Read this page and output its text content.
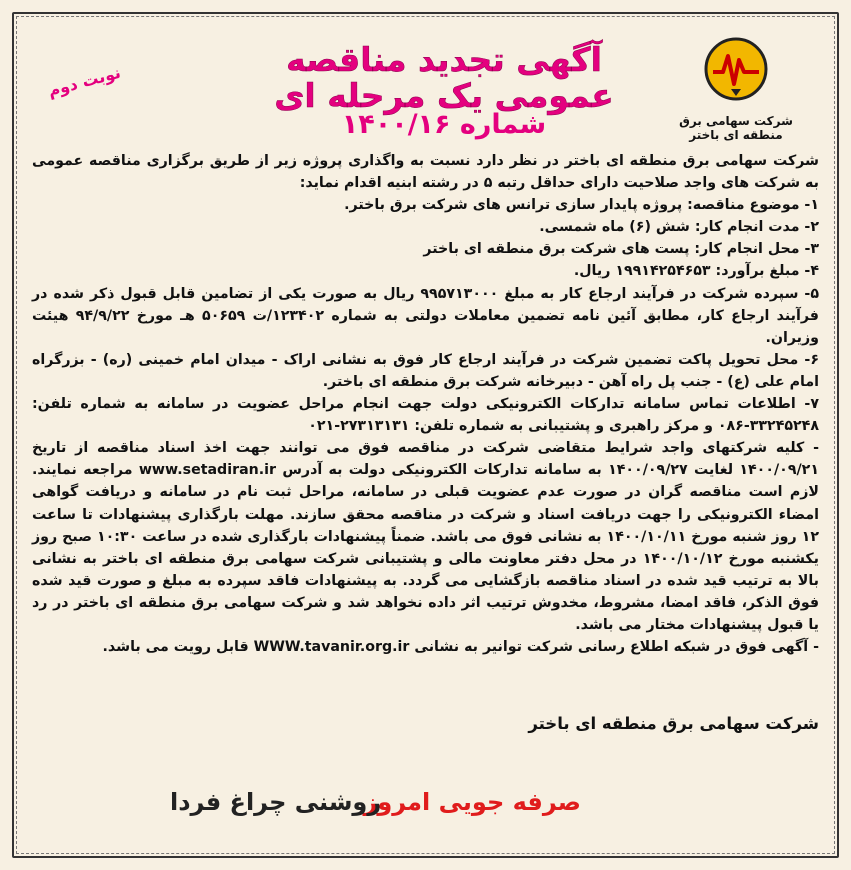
شرکت سهامی برق منطقه ای باختر
آگهی تجدید مناقصه عمومی یک مرحله ای
شماره ۱۴۰۰/۱۶
نوبت دوم

شرکت سهامی برق منطقه ای باختر در نظر دارد نسبت به واگذاری پروژه زیر از طریق برگزاری مناقصه عمومی به شرکت های واجد صلاحیت دارای حداقل رتبه ۵ در رشته ابنیه اقدام نماید:

۱- موضوع مناقصه: پروژه پایدار سازی ترانس های شرکت برق باختر.

۲- مدت انجام کار: شش (۶) ماه شمسی.

۳- محل انجام کار: پست های شرکت برق منطقه ای باختر

۴- مبلغ برآورد: ۱۹۹۱۴۲۵۴۶۵۳ ریال.

۵- سپرده شرکت در فرآیند ارجاع کار به مبلغ ۹۹۵۷۱۳۰۰۰ ریال به صورت یکی از تضامین قابل قبول ذکر شده در فرآیند ارجاع کار، مطابق آئین نامه تضمین معاملات دولتی به شماره ۱۲۳۴۰۲/ت ۵۰۶۵۹ هـ مورخ ۹۴/۹/۲۲ هیئت وزیران.

۶- محل تحویل پاکت تضمین شرکت در فرآیند ارجاع کار فوق به نشانی اراک - میدان امام خمینی (ره) - بزرگراه امام علی (ع) - جنب پل راه آهن - دبیرخانه شرکت برق منطقه ای باختر.

۷- اطلاعات تماس سامانه تدارکات الکترونیکی دولت جهت انجام مراحل عضویت در سامانه به شماره تلفن: ۳۳۲۴۵۲۴۸-۰۸۶ و مرکز راهبری و پشتیبانی به شماره تلفن: ۲۷۳۱۳۱۳۱-۰۲۱

- کلیه شرکتهای واجد شرایط متقاضی شرکت در مناقصه فوق می توانند جهت اخذ اسناد مناقصه از تاریخ ۱۴۰۰/۰۹/۲۱ لغایت ۱۴۰۰/۰۹/۲۷ به سامانه تدارکات الکترونیکی دولت به آدرس www.setadiran.ir مراجعه نمایند. لازم است مناقصه گران در صورت عدم عضویت قبلی در سامانه، مراحل ثبت نام در سامانه و دریافت گواهی امضاء الکترونیکی را جهت دریافت اسناد و شرکت در مناقصه محقق سازند. مهلت بارگذاری پیشنهادات تا ساعت ۱۲ روز شنبه مورخ ۱۴۰۰/۱۰/۱۱ به نشانی فوق می باشد. ضمناً پیشنهادات بارگذاری شده در ساعت ۱۰:۳۰ صبح روز یکشنبه مورخ ۱۴۰۰/۱۰/۱۲ در محل دفتر معاونت مالی و پشتیبانی شرکت سهامی برق منطقه ای باختر به نشانی بالا به ترتیب قید شده در اسناد مناقصه بازگشایی می گردد. به پیشنهادات فاقد سپرده به مبلغ و صورت قید شده فوق الذکر، فاقد امضا، مشروط، مخدوش ترتیب اثر داده نخواهد شد و شرکت سهامی برق منطقه ای باختر در رد یا قبول پیشنهادات مختار می باشد.

- آگهی فوق در شبکه اطلاع رسانی شرکت توانیر به نشانی WWW.tavanir.org.ir قابل رویت می باشد.

شرکت سهامی برق منطقه ای باختر
صرفه جویی امروز
روشنی چراغ فردا
